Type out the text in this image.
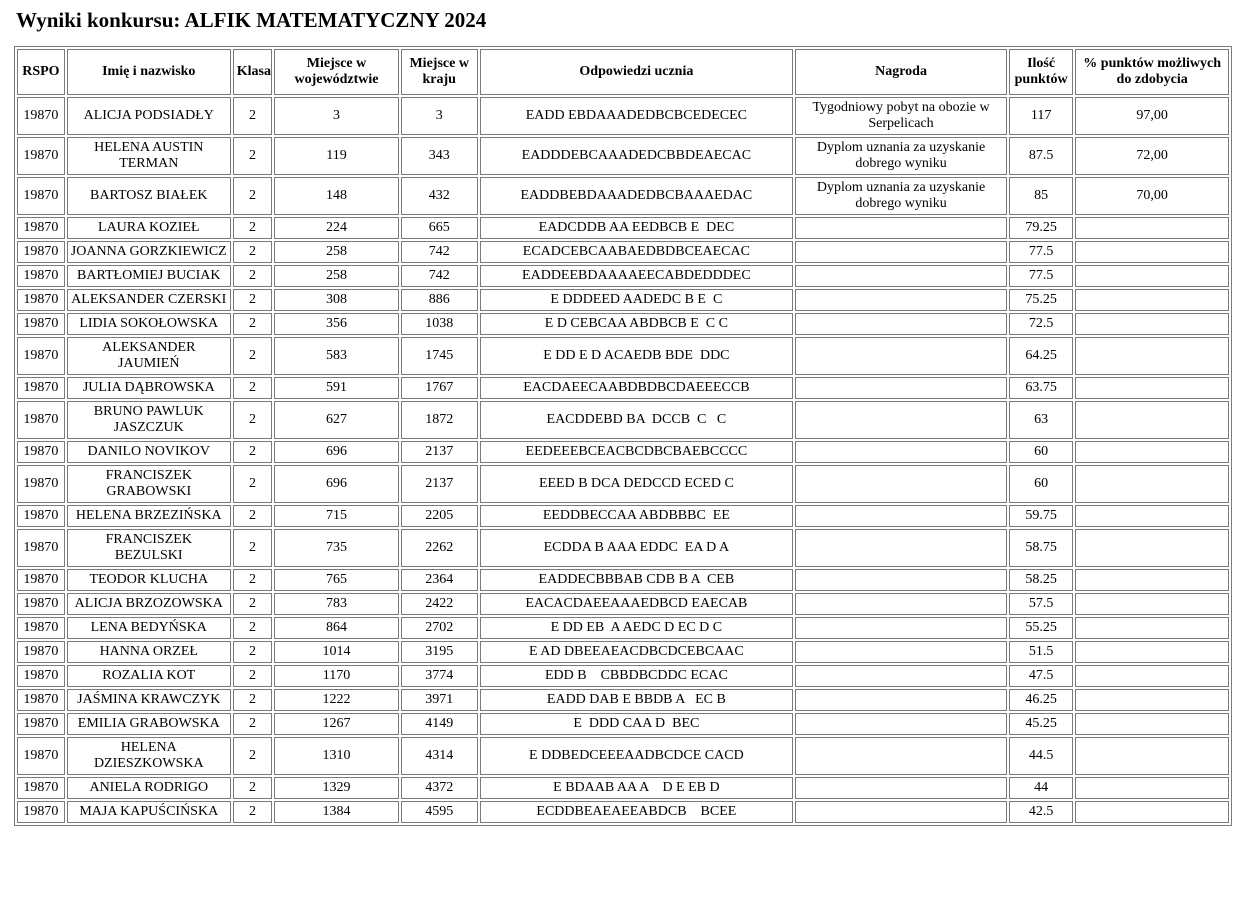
Wyniki konkursu: ALFIK MATEMATYCZNY 2024
RSPO	Imię i nazwisko	Klasa	Miejsce w województwie	Miejsce w kraju	Odpowiedzi ucznia	Nagroda	Ilość punktów	% punktów możliwych do zdobycia
19870	ALICJA PODSIADŁY	2	3	3	EADD EBDAAADEDBCBCEDECEC	Tygodniowy pobyt na obozie w Serpelicach	117	97,00
19870	HELENA AUSTIN TERMAN	2	119	343	EADDDEBCAAADEDCBBDEAECAC	Dyplom uznania za uzyskanie dobrego wyniku	87.5	72,00
19870	BARTOSZ BIAŁEK	2	148	432	EADDBEBDAAADEDBCBAAAEDAC	Dyplom uznania za uzyskanie dobrego wyniku	85	70,00
19870	LAURA KOZIEŁ	2	224	665	EADCDDB AA EEDBCB E  DEC		79.25	
19870	JOANNA GORZKIEWICZ	2	258	742	ECADCEBCAABAEDBDBCEAECAC		77.5	
19870	BARTŁOMIEJ BUCIAK	2	258	742	EADDEEBDAAAAEECABDEDDDEC		77.5	
19870	ALEKSANDER CZERSKI	2	308	886	E DDDEED AADEDC B E  C		75.25	
19870	LIDIA SOKOŁOWSKA	2	356	1038	E D CEBCAA ABDBCB E  C C		72.5	
19870	ALEKSANDER JAUMIEŃ	2	583	1745	E DD E D ACAEDB BDE  DDC		64.25	
19870	JULIA DĄBROWSKA	2	591	1767	EACDAEECAABDBDBCDAEEECCB		63.75	
19870	BRUNO PAWLUK JASZCZUK	2	627	1872	EACDDEBD BA  DCCB  C   C		63	
19870	DANILO NOVIKOV	2	696	2137	EEDEEEBCEACBCDBCBAEBCCCC		60	
19870	FRANCISZEK GRABOWSKI	2	696	2137	EEED B DCA DEDCCD ECED C		60	
19870	HELENA BRZEZIŃSKA	2	715	2205	EEDDBECCAA ABDBBBC  EE		59.75	
19870	FRANCISZEK BEZULSKI	2	735	2262	ECDDA B AAA EDDC  EA D A		58.75	
19870	TEODOR KLUCHA	2	765	2364	EADDECBBBAB CDB B A  CEB		58.25	
19870	ALICJA BRZOZOWSKA	2	783	2422	EACACDAEEAAAEDBCD EAECAB		57.5	
19870	LENA BEDYŃSKA	2	864	2702	E DD EB  A AEDC D EC D C		55.25	
19870	HANNA ORZEŁ	2	1014	3195	E AD DBEEAEACDBCDCEBCAAC		51.5	
19870	ROZALIA KOT	2	1170	3774	EDD B    CBBDBCDDC ECAC		47.5	
19870	JAŚMINA KRAWCZYK	2	1222	3971	EADD DAB E BBDB A   EC B		46.25	
19870	EMILIA GRABOWSKA	2	1267	4149	E  DDD CAA D  BEC		45.25	
19870	HELENA DZIESZKOWSKA	2	1310	4314	E DDBEDCEEEAADBCDCE CACD		44.5	
19870	ANIELA RODRIGO	2	1329	4372	E BDAAB AA A    D E EB D		44	
19870	MAJA KAPUŚCIŃSKA	2	1384	4595	ECDDBEAEAEEABDCB    BCEE		42.5	
